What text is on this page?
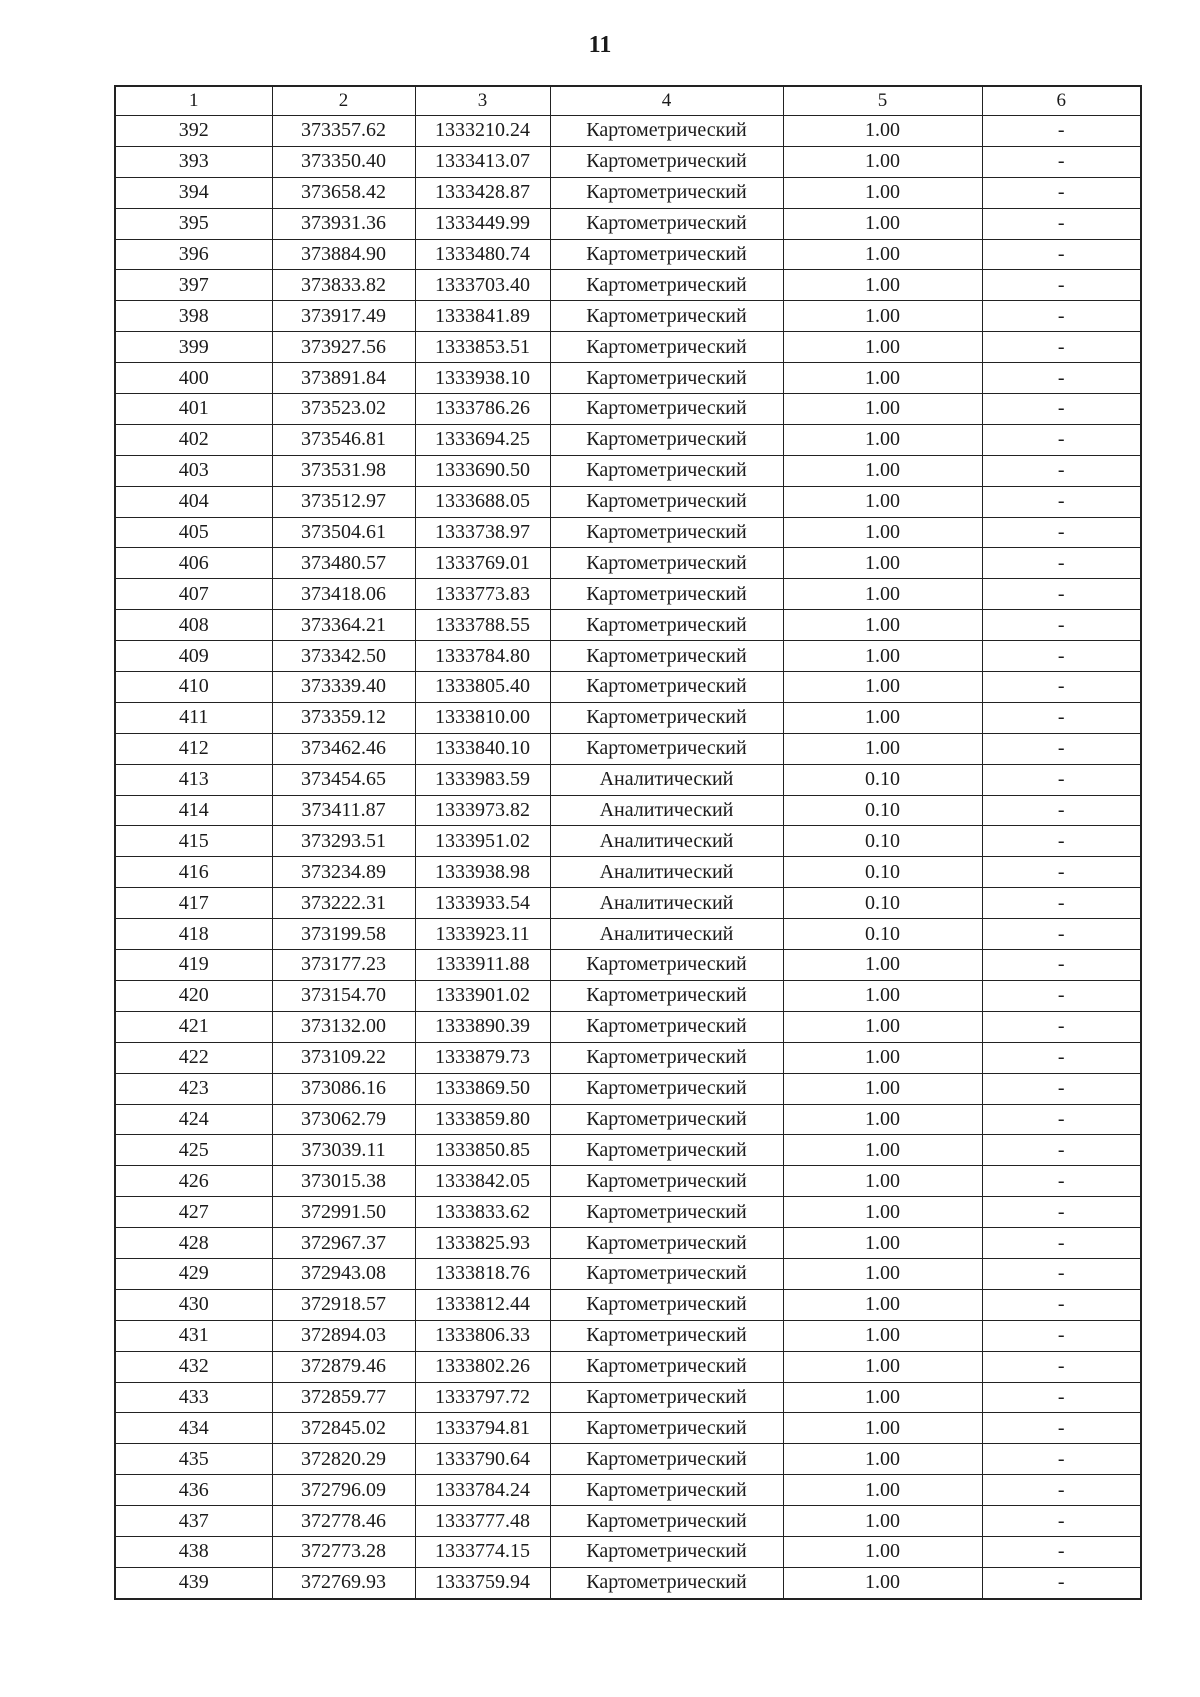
11
1	2	3	4	5	6
392	373357.62	1333210.24	Картометрический	1.00	-
393	373350.40	1333413.07	Картометрический	1.00	-
394	373658.42	1333428.87	Картометрический	1.00	-
395	373931.36	1333449.99	Картометрический	1.00	-
396	373884.90	1333480.74	Картометрический	1.00	-
397	373833.82	1333703.40	Картометрический	1.00	-
398	373917.49	1333841.89	Картометрический	1.00	-
399	373927.56	1333853.51	Картометрический	1.00	-
400	373891.84	1333938.10	Картометрический	1.00	-
401	373523.02	1333786.26	Картометрический	1.00	-
402	373546.81	1333694.25	Картометрический	1.00	-
403	373531.98	1333690.50	Картометрический	1.00	-
404	373512.97	1333688.05	Картометрический	1.00	-
405	373504.61	1333738.97	Картометрический	1.00	-
406	373480.57	1333769.01	Картометрический	1.00	-
407	373418.06	1333773.83	Картометрический	1.00	-
408	373364.21	1333788.55	Картометрический	1.00	-
409	373342.50	1333784.80	Картометрический	1.00	-
410	373339.40	1333805.40	Картометрический	1.00	-
411	373359.12	1333810.00	Картометрический	1.00	-
412	373462.46	1333840.10	Картометрический	1.00	-
413	373454.65	1333983.59	Аналитический	0.10	-
414	373411.87	1333973.82	Аналитический	0.10	-
415	373293.51	1333951.02	Аналитический	0.10	-
416	373234.89	1333938.98	Аналитический	0.10	-
417	373222.31	1333933.54	Аналитический	0.10	-
418	373199.58	1333923.11	Аналитический	0.10	-
419	373177.23	1333911.88	Картометрический	1.00	-
420	373154.70	1333901.02	Картометрический	1.00	-
421	373132.00	1333890.39	Картометрический	1.00	-
422	373109.22	1333879.73	Картометрический	1.00	-
423	373086.16	1333869.50	Картометрический	1.00	-
424	373062.79	1333859.80	Картометрический	1.00	-
425	373039.11	1333850.85	Картометрический	1.00	-
426	373015.38	1333842.05	Картометрический	1.00	-
427	372991.50	1333833.62	Картометрический	1.00	-
428	372967.37	1333825.93	Картометрический	1.00	-
429	372943.08	1333818.76	Картометрический	1.00	-
430	372918.57	1333812.44	Картометрический	1.00	-
431	372894.03	1333806.33	Картометрический	1.00	-
432	372879.46	1333802.26	Картометрический	1.00	-
433	372859.77	1333797.72	Картометрический	1.00	-
434	372845.02	1333794.81	Картометрический	1.00	-
435	372820.29	1333790.64	Картометрический	1.00	-
436	372796.09	1333784.24	Картометрический	1.00	-
437	372778.46	1333777.48	Картометрический	1.00	-
438	372773.28	1333774.15	Картометрический	1.00	-
439	372769.93	1333759.94	Картометрический	1.00	-
